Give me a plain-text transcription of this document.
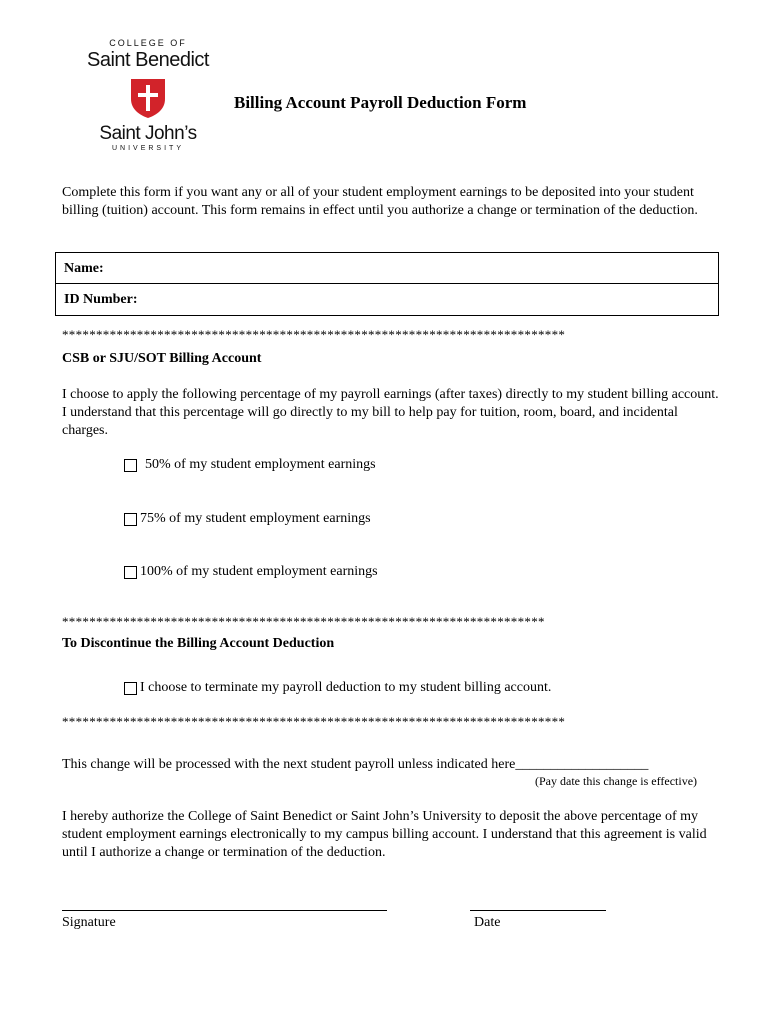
COLLEGE OF
Saint Benedict
Saint John’s
UNIVERSITY
Billing Account Payroll Deduction Form
Complete this form if you want any or all of your student employment earnings to be deposited into your student billing (tuition) account. This form remains in effect until you authorize a change or termination of the deduction.
Name:
ID Number:
**************************************************************************
CSB or SJU/SOT Billing Account
I choose to apply the following percentage of my payroll earnings (after taxes) directly to my student billing account. I understand that this percentage will go directly to my bill to help pay for tuition, room, board, and incidental charges.
50% of my student employment earnings
75% of my student employment earnings
100% of my student employment earnings
***********************************************************************
To Discontinue the Billing Account Deduction
I choose to terminate my payroll deduction to my student billing account.
**************************************************************************
This change will be processed with the next student payroll unless indicated here___________________
(Pay date this change is effective)
I hereby authorize the College of Saint Benedict or Saint John’s University to deposit the above percentage of my student employment earnings electronically to my campus billing account. I understand that this agreement is valid until I authorize a change or termination of the deduction.
Signature	Date
